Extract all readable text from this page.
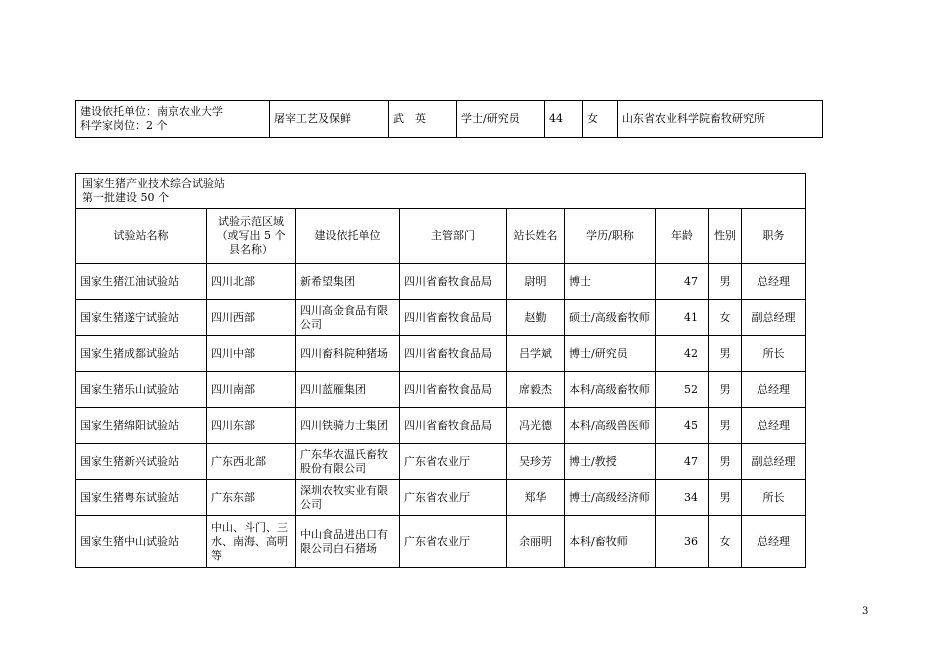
建设依托单位：南京农业大学
科学家岗位：2 个
	屠宰工艺及保鲜	武　英	学士/研究员	44	女	山东省农业科学院畜牧研究所
国家生猪产业技术综合试验站
第一批建设 50 个								

试验站名称	试验示范区域
（或写出 5 个
县名称）	建设依托单位	主管部门	站长姓名	学历/职称	年龄	性别	职务
国家生猪江油试验站	四川北部	新希望集团	四川省畜牧食品局	尉明	博士	47	男	总经理
国家生猪遂宁试验站	四川西部	四川高金食品有限公司	四川省畜牧食品局	赵勤	硕士/高级畜牧师	41	女	副总经理
国家生猪成都试验站	四川中部	四川畜科院种猪场	四川省畜牧食品局	吕学斌	博士/研究员	42	男	所长
国家生猪乐山试验站	四川南部	四川蓝雁集团	四川省畜牧食品局	席毅杰	本科/高级畜牧师	52	男	总经理
国家生猪绵阳试验站	四川东部	四川铁骑力士集团	四川省畜牧食品局	冯光德	本科/高级兽医师	45	男	总经理
国家生猪新兴试验站	广东西北部	广东华农温氏畜牧股份有限公司	广东省农业厅	吴珍芳	博士/教授	47	男	副总经理
国家生猪粤东试验站	广东东部	深圳农牧实业有限公司	广东省农业厅	郑华	博士/高级经济师	34	男	所长
国家生猪中山试验站	中山、斗门、三水、南海、高明等	中山食品进出口有限公司白石猪场	广东省农业厅	余丽明	本科/畜牧师	36	女	总经理
3
